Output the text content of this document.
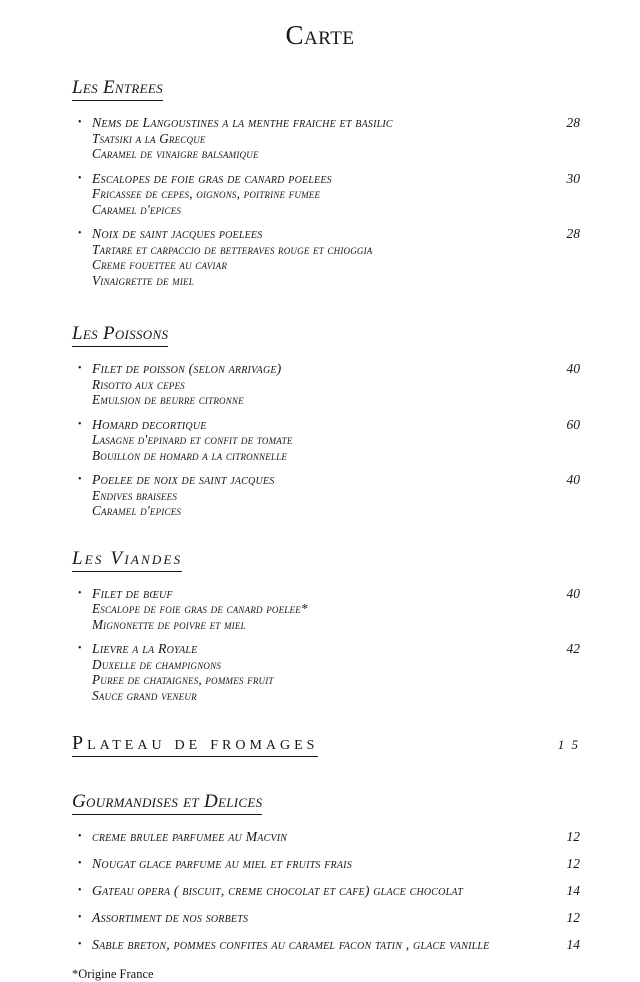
Carte
Les Entrees
• Nems de Langoustines a la menthe fraiche et basilic
Tsatsiki a la Grecque
Caramel de vinaigre balsamique
28
• Escalopes de foie gras de canard poelees
Fricassee de cepes, oignons, poitrine fumee
Caramel d'epices
30
• Noix de saint jacques poelees
Tartare et carpaccio de betteraves rouge et chioggia
Creme fouettee au caviar
Vinaigrette de miel
28
Les Poissons
• Filet de poisson (selon arrivage)
Risotto aux cepes
Emulsion de beurre citronne
40
• Homard decortique
Lasagne d'epinard et confit de tomate
Bouillon de homard a la citronnelle
60
• Poelee de noix de saint jacques
Endives braisees
Caramel d'epices
40
Les Viandes
• Filet de bœuf
Escalope de foie gras de canard poelee*
Mignonette de poivre et miel
40
• Lievre a la Royale
Duxelle de champignons
Puree de chataignes, pommes fruit
Sauce grand veneur
42
Plateau de fromages	1 5
Gourmandises et Delices
• creme brulee parfumee au Macvin	12
• Nougat glace parfume au miel et fruits frais	12
• Gateau opera ( biscuit, creme chocolat et cafe) glace chocolat	14
• Assortiment de nos sorbets	12
• Sable breton, pommes confites au caramel facon tatin , glace vanille	14
*Origine France
